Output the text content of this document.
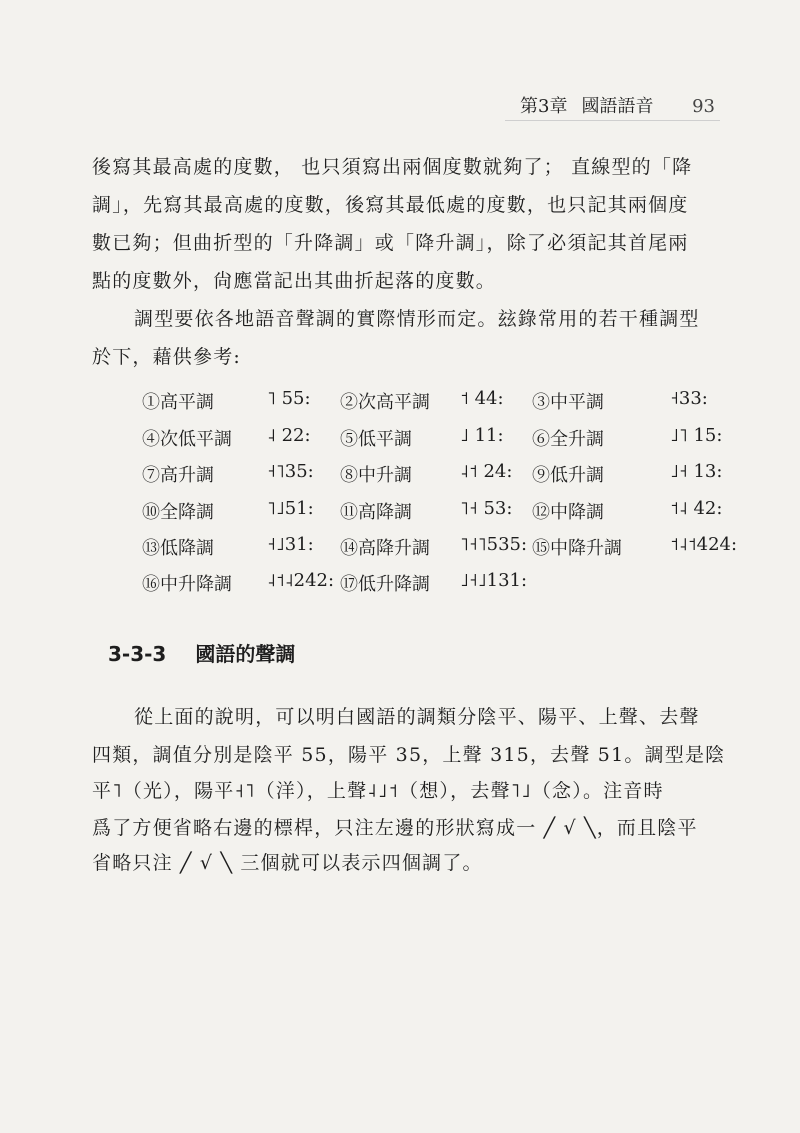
第3章 國語語音 93
後寫其最高處的度數， 也只須寫出兩個度數就夠了； 直線型的「降
調」，先寫其最高處的度數，後寫其最低處的度數，也只記其兩個度
數已夠；但曲折型的「升降調」或「降升調」，除了必須記其首尾兩
點的度數外，尙應當記出其曲折起落的度數。
調型要依各地語音聲調的實際情形而定。玆錄常用的若干種調型
於下，藉供參考:
①高平調	˥ 55: ②次高平調 ˦ 44: ③中平調	˧33:
④次低平調 ˨ 22: ⑤低平調	˩ 11: ⑥全升調	˩˥ 15:
⑦高升調	˧˥35: ⑧中升調	˨˦ 24: ⑨低升調	˩˧ 13:
⑩全降調	˥˩51: ⑪高降調	˥˧ 53: ⑫中降調	˦˨ 42:
⑬低降調	˧˩31: ⑭高降升調 ˥˧˥535: ⑮中降升調	˦˨˦424:
⑯中升降調 ˨˦˨242: ⑰低升降調 ˩˧˩131:
3-3-3 國語的聲調
從上面的說明，可以明白國語的調類分陰平、陽平、上聲、去聲
四類，調值分別是陰平 55，陽平 35，上聲 315，去聲 51。調型是陰
平˥（光），陽平˧˥（洋），上聲˨˩˦（想），去聲˥˩（念）。注音時
爲了方便省略右邊的標桿，只注左邊的形狀寫成一 ╱ √ ╲，而且陰平
省略只注 ╱ √ ╲ 三個就可以表示四個調了。
